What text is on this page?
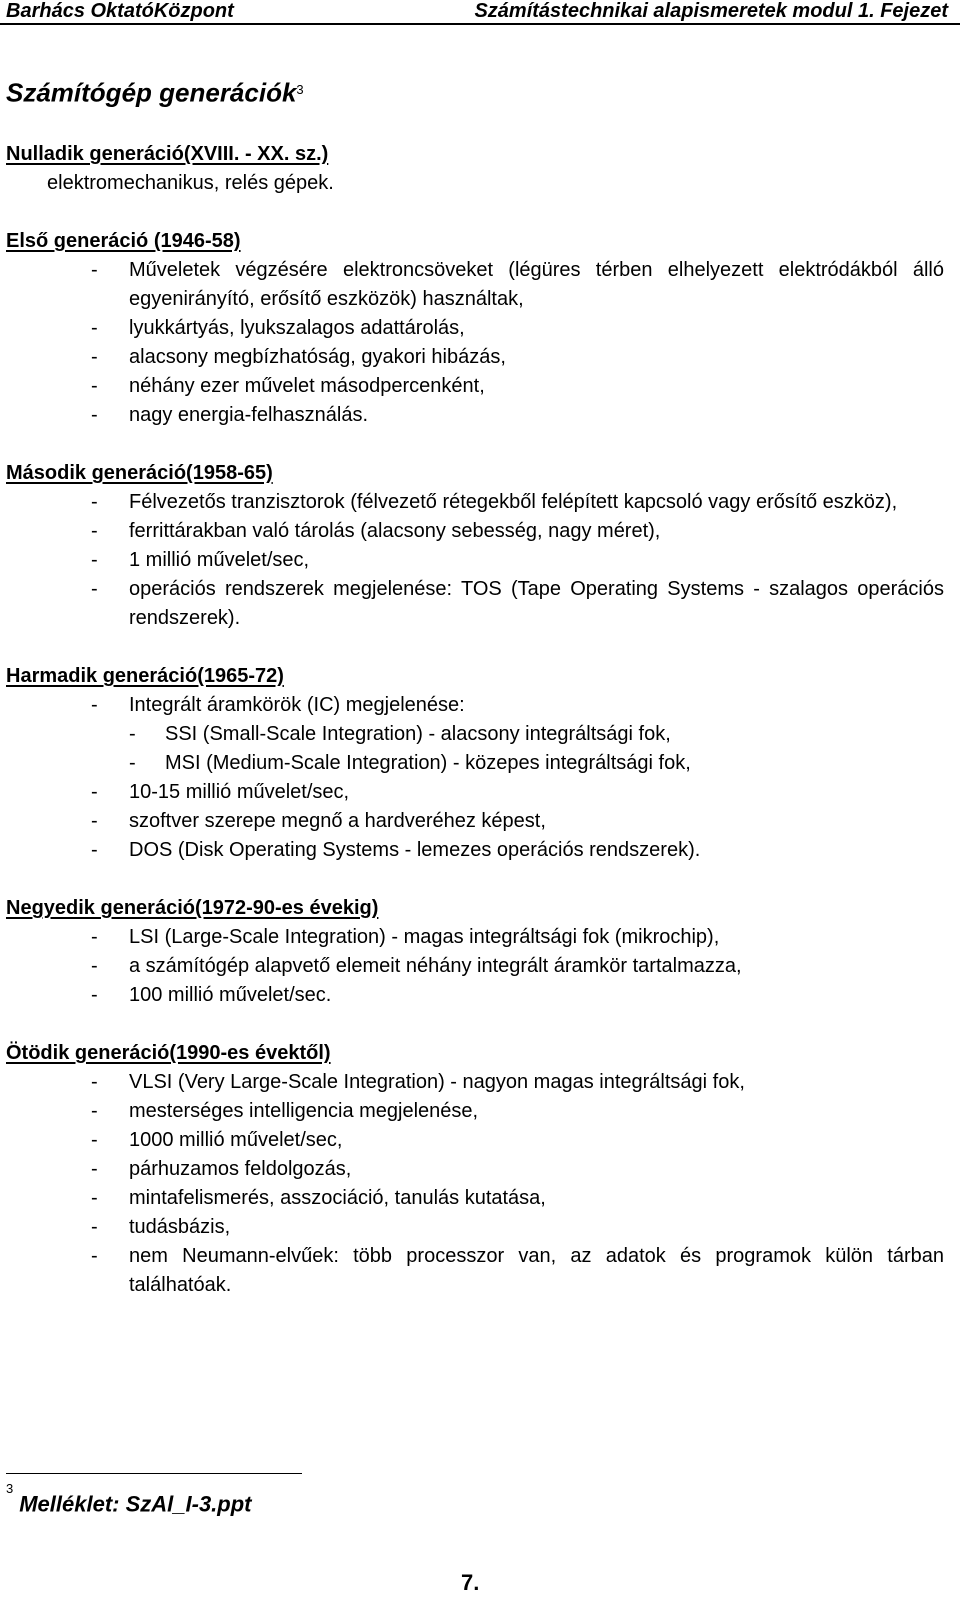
Barhács OktatóKözpont	Számítástechnikai alapismeretek modul 1. Fejezet
Számítógép generációk$^3$

Nulladik generáció(XVIII. - XX. sz.)

elektromechanikus, relés gépek.

Első generáció (1946-58)

- Műveletek végzésére elektroncsöveket (légüres térben elhelyezett elektródákból álló egyenirányító, erősítő eszközök) használtak,
- lyukkártyás, lyukszalagos adattárolás,
- alacsony megbízhatóság, gyakori hibázás,
- néhány ezer művelet másodpercenként,
- nagy energia-felhasználás.

Második generáció(1958-65)

- Félvezetős tranzisztorok (félvezető rétegekből felépített kapcsoló vagy erősítő eszköz),
- ferrittárakban való tárolás (alacsony sebesség, nagy méret),
- 1 millió művelet/sec,
- operációs rendszerek megjelenése: TOS (Tape Operating Systems - szalagos operációs rendszerek).

Harmadik generáció(1965-72)

- Integrált áramkörök (IC) megjelenése:
- SSI (Small-Scale Integration) - alacsony integráltsági fok,
- MSI (Medium-Scale Integration) - közepes integráltsági fok,
- 10-15 millió művelet/sec,
- szoftver szerepe megnő a hardveréhez képest,
- DOS (Disk Operating Systems - lemezes operációs rendszerek).

Negyedik generáció(1972-90-es évekig)

- LSI (Large-Scale Integration) - magas integráltsági fok (mikrochip),
- a számítógép alapvető elemeit néhány integrált áramkör tartalmazza,
- 100 millió művelet/sec.

Ötödik generáció(1990-es évektől)

- VLSI (Very Large-Scale Integration) - nagyon magas integráltsági fok,
- mesterséges intelligencia megjelenése,
- 1000 millió művelet/sec,
- párhuzamos feldolgozás,
- mintafelismerés, asszociáció, tanulás kutatása,
- tudásbázis,
- nem Neumann-elvűek: több processzor van, az adatok és programok külön tárban találhatóak.
$^3$Melléklet: SzAl_I-3.ppt
7.
